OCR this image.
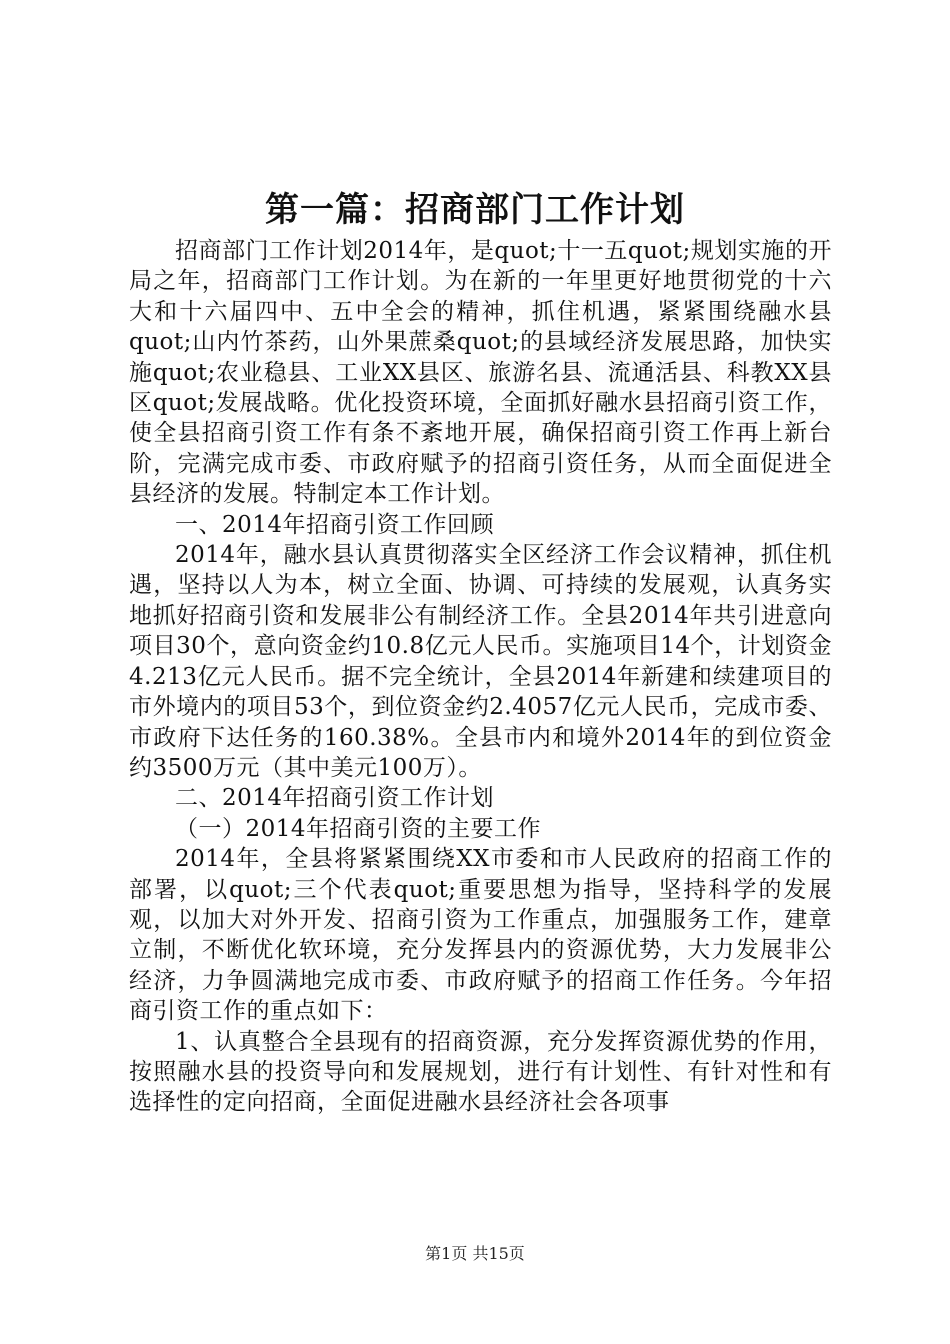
第一篇：招商部门工作计划

招商部门工作计划2014年，是quot;十一五quot;规划实施的开局之年，招商部门工作计划。为在新的一年里更好地贯彻党的十六大和十六届四中、五中全会的精神，抓住机遇，紧紧围绕融水县quot;山内竹茶药，山外果蔗桑quot;的县域经济发展思路，加快实施quot;农业稳县、工业XX县区、旅游名县、流通活县、科教XX县区quot;发展战略。优化投资环境，全面抓好融水县招商引资工作，使全县招商引资工作有条不紊地开展，确保招商引资工作再上新台阶，完满完成市委、市政府赋予的招商引资任务，从而全面促进全县经济的发展。特制定本工作计划。

一、2014年招商引资工作回顾

2014年，融水县认真贯彻落实全区经济工作会议精神，抓住机遇，坚持以人为本，树立全面、协调、可持续的发展观，认真务实地抓好招商引资和发展非公有制经济工作。全县2014年共引进意向项目30个，意向资金约10.8亿元人民币。实施项目14个，计划资金4.213亿元人民币。据不完全统计，全县2014年新建和续建项目的市外境内的项目53个，到位资金约2.4057亿元人民币，完成市委、市政府下达任务的160.38%。全县市内和境外2014年的到位资金约3500万元（其中美元100万）。

二、2014年招商引资工作计划

（一）2014年招商引资的主要工作

2014年，全县将紧紧围绕XX市委和市人民政府的招商工作的部署，以quot;三个代表quot;重要思想为指导，坚持科学的发展观，以加大对外开发、招商引资为工作重点，加强服务工作，建章立制，不断优化软环境，充分发挥县内的资源优势，大力发展非公经济，力争圆满地完成市委、市政府赋予的招商工作任务。今年招商引资工作的重点如下：

1、认真整合全县现有的招商资源，充分发挥资源优势的作用，按照融水县的投资导向和发展规划，进行有计划性、有针对性和有选择性的定向招商，全面促进融水县经济社会各项事

第1页 共15页
